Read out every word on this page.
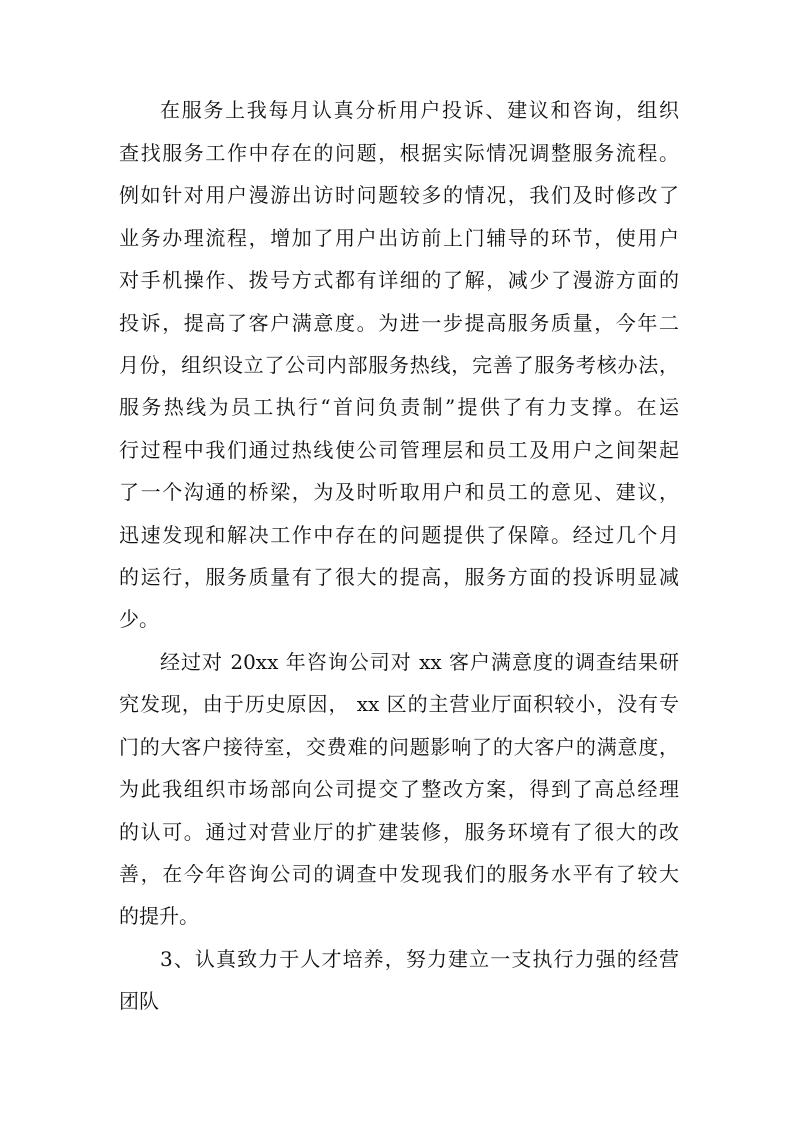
在服务上我每月认真分析用户投诉、建议和咨询，组织
查找服务工作中存在的问题，根据实际情况调整服务流程。
例如针对用户漫游出访时问题较多的情况，我们及时修改了
业务办理流程，增加了用户出访前上门辅导的环节，使用户
对手机操作、拨号方式都有详细的了解，减少了漫游方面的
投诉，提高了客户满意度。为进一步提高服务质量，今年二
月份，组织设立了公司内部服务热线，完善了服务考核办法，
服务热线为员工执行“首问负责制”提供了有力支撑。在运
行过程中我们通过热线使公司管理层和员工及用户之间架起
了一个沟通的桥梁，为及时听取用户和员工的意见、建议，
迅速发现和解决工作中存在的问题提供了保障。经过几个月
的运行，服务质量有了很大的提高，服务方面的投诉明显减
少。
经过对 20xx 年咨询公司对 xx 客户满意度的调查结果研
究发现，由于历史原因， xx 区的主营业厅面积较小，没有专
门的大客户接待室，交费难的问题影响了的大客户的满意度，
为此我组织市场部向公司提交了整改方案，得到了高总经理
的认可。通过对营业厅的扩建装修，服务环境有了很大的改
善，在今年咨询公司的调查中发现我们的服务水平有了较大
的提升。
3、认真致力于人才培养，努力建立一支执行力强的经营
团队
